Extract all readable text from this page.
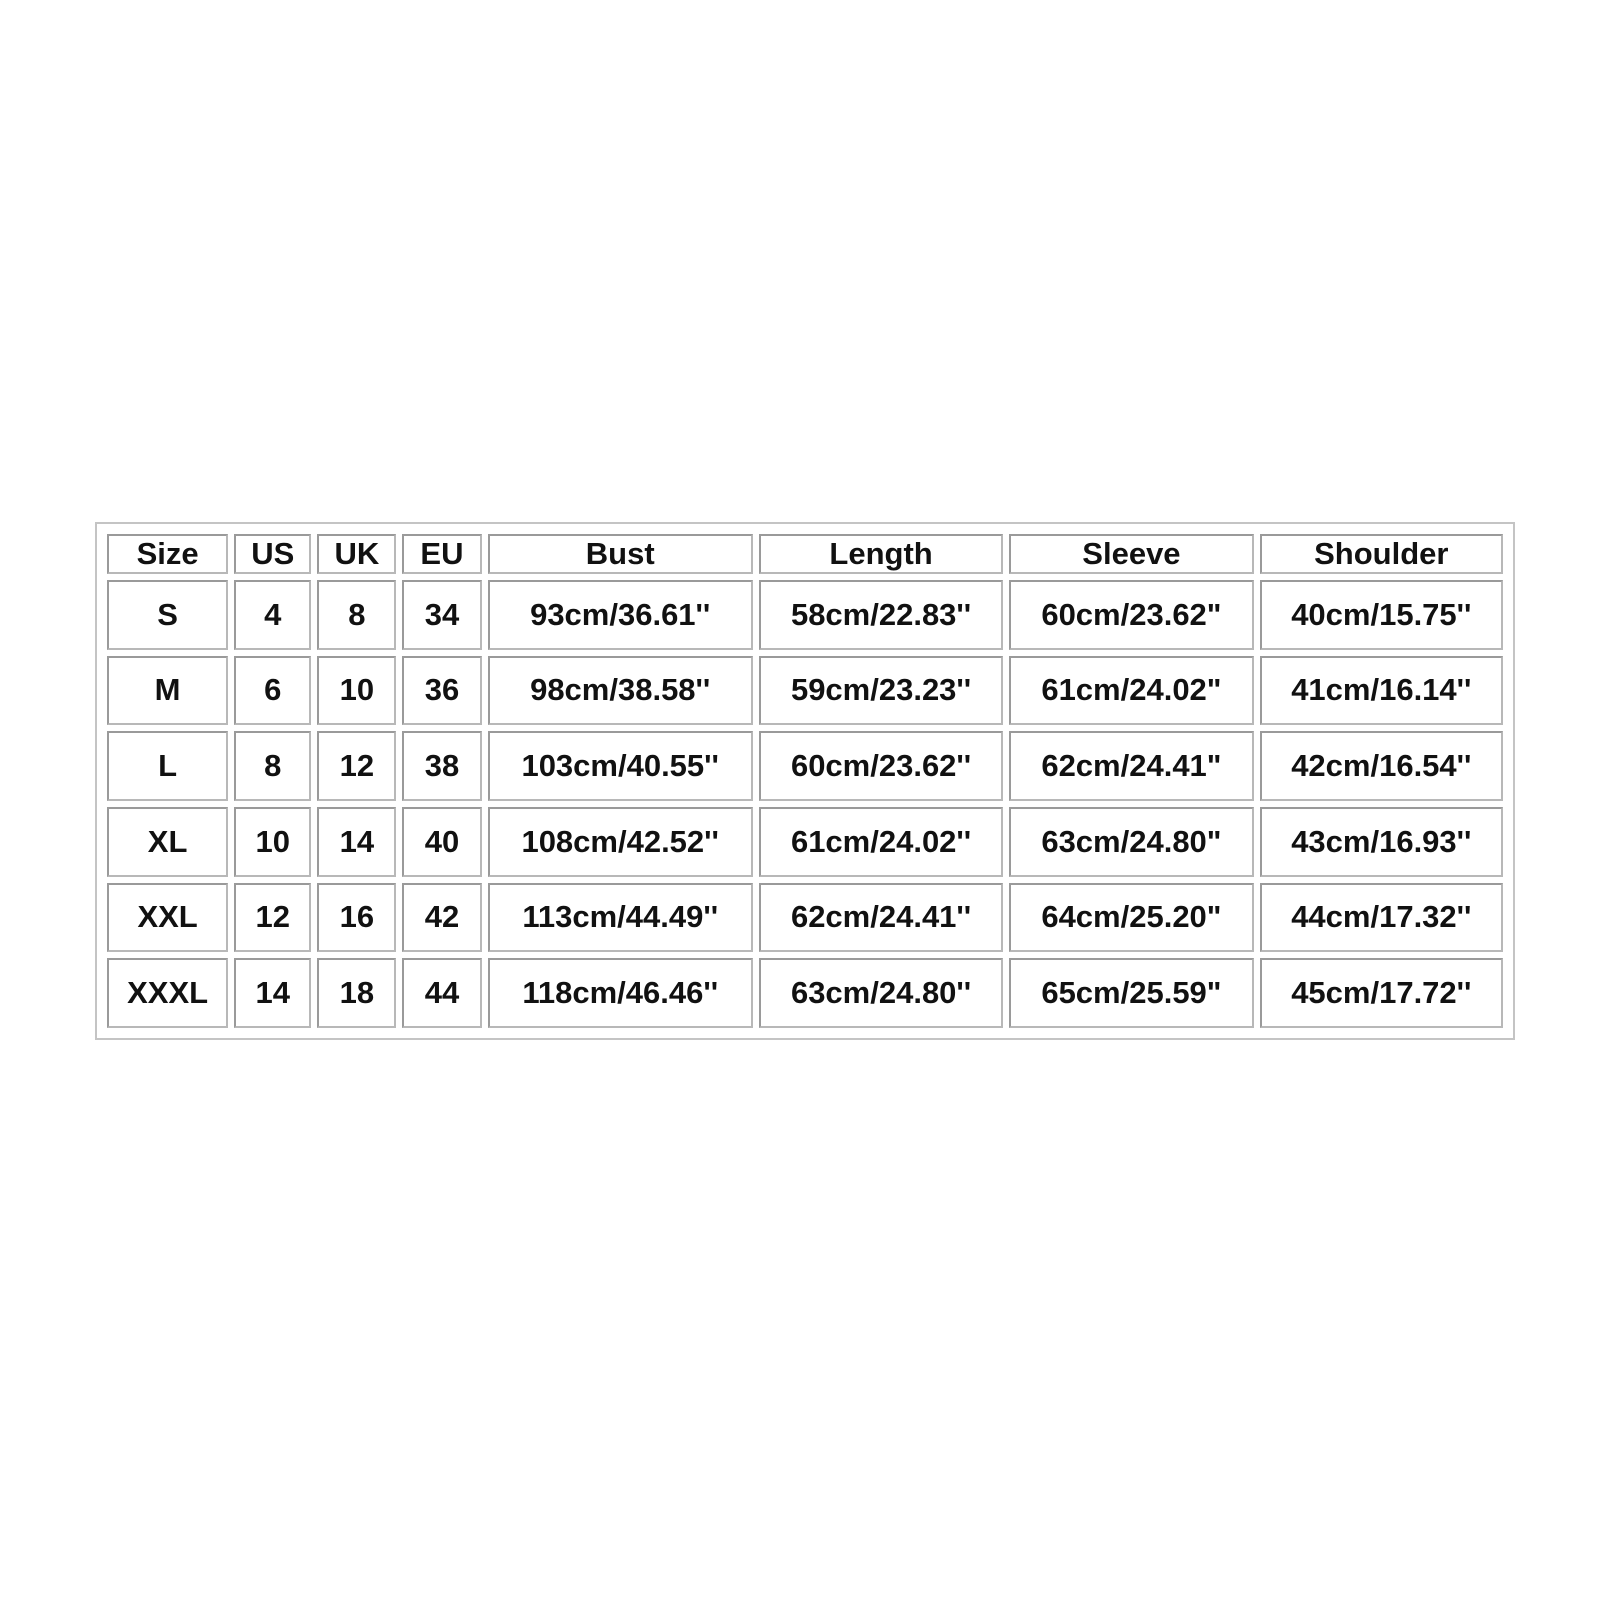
Size	US	UK	EU	Bust	Length	Sleeve	Shoulder
S	4	8	34	93cm/36.61''	58cm/22.83''	60cm/23.62"	40cm/15.75''
M	6	10	36	98cm/38.58''	59cm/23.23''	61cm/24.02"	41cm/16.14''
L	8	12	38	103cm/40.55''	60cm/23.62''	62cm/24.41"	42cm/16.54''
XL	10	14	40	108cm/42.52''	61cm/24.02''	63cm/24.80"	43cm/16.93''
XXL	12	16	42	113cm/44.49''	62cm/24.41''	64cm/25.20"	44cm/17.32''
XXXL	14	18	44	118cm/46.46''	63cm/24.80''	65cm/25.59"	45cm/17.72''
